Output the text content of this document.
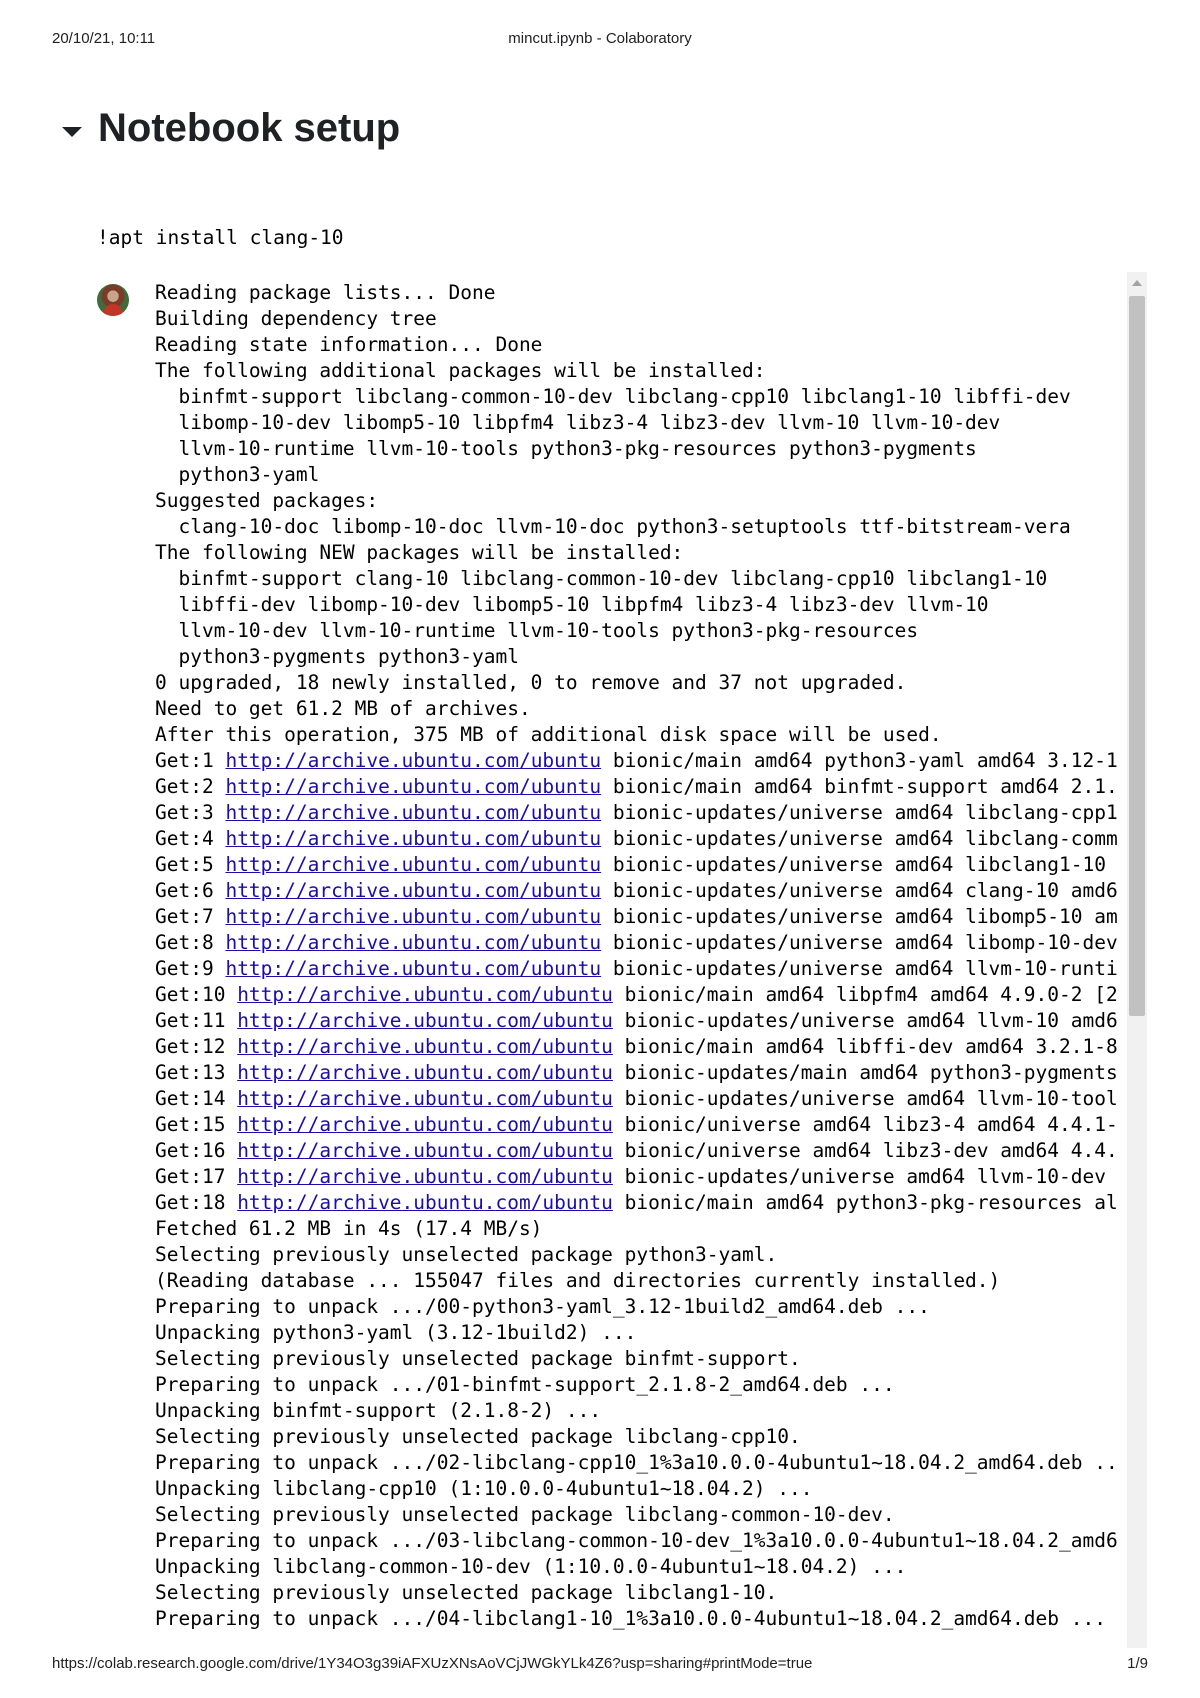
20/10/21, 10:11	mincut.ipynb - Colaboratory
Notebook setup
!apt install clang-10
Reading package lists... Done
Building dependency tree
Reading state information... Done
The following additional packages will be installed:
binfmt-support libclang-common-10-dev libclang-cpp10 libclang1-10 libffi-dev
libomp-10-dev libomp5-10 libpfm4 libz3-4 libz3-dev llvm-10 llvm-10-dev
llvm-10-runtime llvm-10-tools python3-pkg-resources python3-pygments
python3-yaml
Suggested packages:
clang-10-doc libomp-10-doc llvm-10-doc python3-setuptools ttf-bitstream-vera
The following NEW packages will be installed:
binfmt-support clang-10 libclang-common-10-dev libclang-cpp10 libclang1-10
libffi-dev libomp-10-dev libomp5-10 libpfm4 libz3-4 libz3-dev llvm-10
llvm-10-dev llvm-10-runtime llvm-10-tools python3-pkg-resources
python3-pygments python3-yaml
0 upgraded, 18 newly installed, 0 to remove and 37 not upgraded.
Need to get 61.2 MB of archives.
After this operation, 375 MB of additional disk space will be used.
Get:1 http://archive.ubuntu.com/ubuntu bionic/main amd64 python3-yaml amd64 3.12-1
Get:2 http://archive.ubuntu.com/ubuntu bionic/main amd64 binfmt-support amd64 2.1.
Get:3 http://archive.ubuntu.com/ubuntu bionic-updates/universe amd64 libclang-cpp1
Get:4 http://archive.ubuntu.com/ubuntu bionic-updates/universe amd64 libclang-comm
Get:5 http://archive.ubuntu.com/ubuntu bionic-updates/universe amd64 libclang1-10
Get:6 http://archive.ubuntu.com/ubuntu bionic-updates/universe amd64 clang-10 amd6
Get:7 http://archive.ubuntu.com/ubuntu bionic-updates/universe amd64 libomp5-10 am
Get:8 http://archive.ubuntu.com/ubuntu bionic-updates/universe amd64 libomp-10-dev
Get:9 http://archive.ubuntu.com/ubuntu bionic-updates/universe amd64 llvm-10-runti
Get:10 http://archive.ubuntu.com/ubuntu bionic/main amd64 libpfm4 amd64 4.9.0-2 [2
Get:11 http://archive.ubuntu.com/ubuntu bionic-updates/universe amd64 llvm-10 amd6
Get:12 http://archive.ubuntu.com/ubuntu bionic/main amd64 libffi-dev amd64 3.2.1-8
Get:13 http://archive.ubuntu.com/ubuntu bionic-updates/main amd64 python3-pygments
Get:14 http://archive.ubuntu.com/ubuntu bionic-updates/universe amd64 llvm-10-tool
Get:15 http://archive.ubuntu.com/ubuntu bionic/universe amd64 libz3-4 amd64 4.4.1-
Get:16 http://archive.ubuntu.com/ubuntu bionic/universe amd64 libz3-dev amd64 4.4.
Get:17 http://archive.ubuntu.com/ubuntu bionic-updates/universe amd64 llvm-10-dev
Get:18 http://archive.ubuntu.com/ubuntu bionic/main amd64 python3-pkg-resources al
Fetched 61.2 MB in 4s (17.4 MB/s)
Selecting previously unselected package python3-yaml.
(Reading database ... 155047 files and directories currently installed.)
Preparing to unpack .../00-python3-yaml_3.12-1build2_amd64.deb ...
Unpacking python3-yaml (3.12-1build2) ...
Selecting previously unselected package binfmt-support.
Preparing to unpack .../01-binfmt-support_2.1.8-2_amd64.deb ...
Unpacking binfmt-support (2.1.8-2) ...
Selecting previously unselected package libclang-cpp10.
Preparing to unpack .../02-libclang-cpp10_1%3a10.0.0-4ubuntu1~18.04.2_amd64.deb ..
Unpacking libclang-cpp10 (1:10.0.0-4ubuntu1~18.04.2) ...
Selecting previously unselected package libclang-common-10-dev.
Preparing to unpack .../03-libclang-common-10-dev_1%3a10.0.0-4ubuntu1~18.04.2_amd6
Unpacking libclang-common-10-dev (1:10.0.0-4ubuntu1~18.04.2) ...
Selecting previously unselected package libclang1-10.
Preparing to unpack .../04-libclang1-10_1%3a10.0.0-4ubuntu1~18.04.2_amd64.deb ...
https://colab.research.google.com/drive/1Y34O3g39iAFXUzXNsAoVCjJWGkYLk4Z6?usp=sharing#printMode=true	1/9
